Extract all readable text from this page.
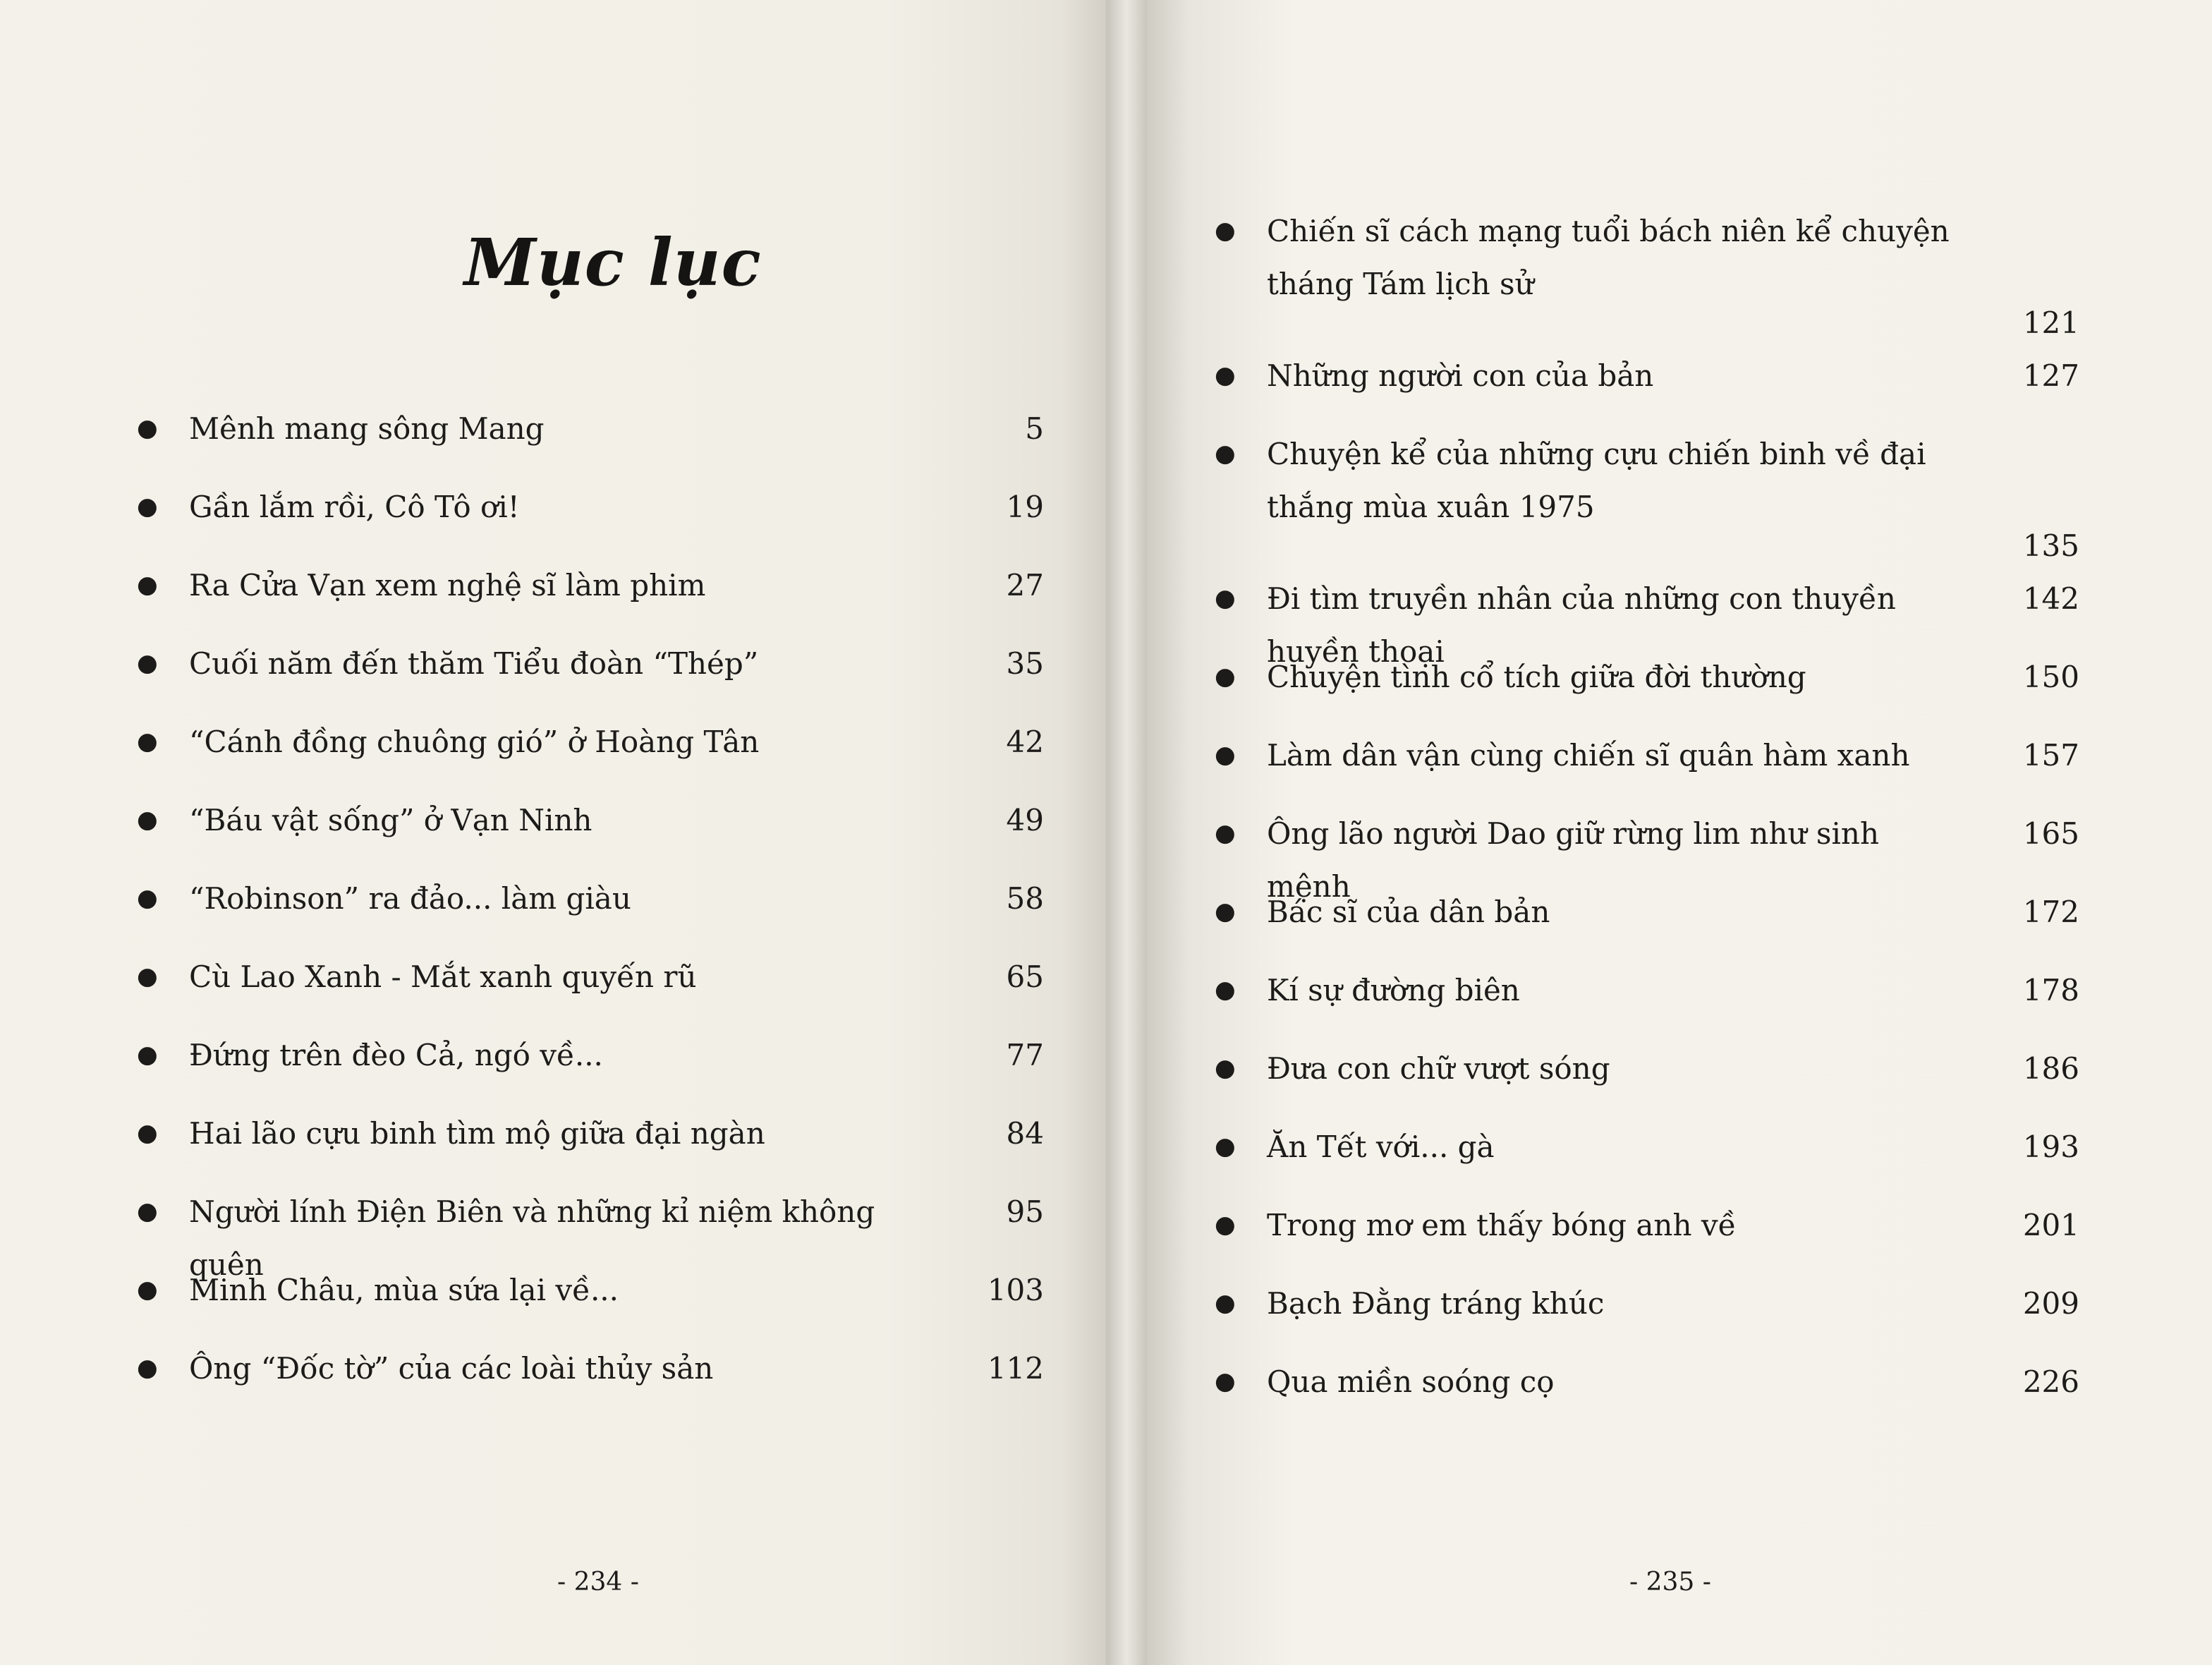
Mục lục
● Mênh mang sông Mang	5
● Gần lắm rồi, Cô Tô ơi!	19
● Ra Cửa Vạn xem nghệ sĩ làm phim	27
● Cuối năm đến thăm Tiểu đoàn “Thép”	35
● “Cánh đồng chuông gió” ở Hoàng Tân	42
● “Báu vật sống” ở Vạn Ninh	49
● “Robinson” ra đảo... làm giàu	58
● Cù Lao Xanh - Mắt xanh quyến rũ	65
● Đứng trên đèo Cả, ngó về...	77
● Hai lão cựu binh tìm mộ giữa đại ngàn	84
● Người lính Điện Biên và những kỉ niệm không quên
95
● Minh Châu, mùa sứa lại về...	103
● Ông “Đốc tờ” của các loài thủy sản	112
- 234 -
● Chiến sĩ cách mạng tuổi bách niên kể chuyện tháng Tám lịch sử
121
● Những người con của bản	127
● Chuyện kể của những cựu chiến binh về đại thắng mùa xuân 1975
135
● Đi tìm truyền nhân của những con thuyền huyền thoại
142
● Chuyện tình cổ tích giữa đời thường	150
● Làm dân vận cùng chiến sĩ quân hàm xanh	157
● Ông lão người Dao giữ rừng lim như sinh mệnh
165
● Bác sĩ của dân bản	172
● Kí sự đường biên	178
● Đưa con chữ vượt sóng	186
● Ăn Tết với... gà	193
● Trong mơ em thấy bóng anh về	201
● Bạch Đằng tráng khúc	209
● Qua miền soóng cọ	226
- 235 -
